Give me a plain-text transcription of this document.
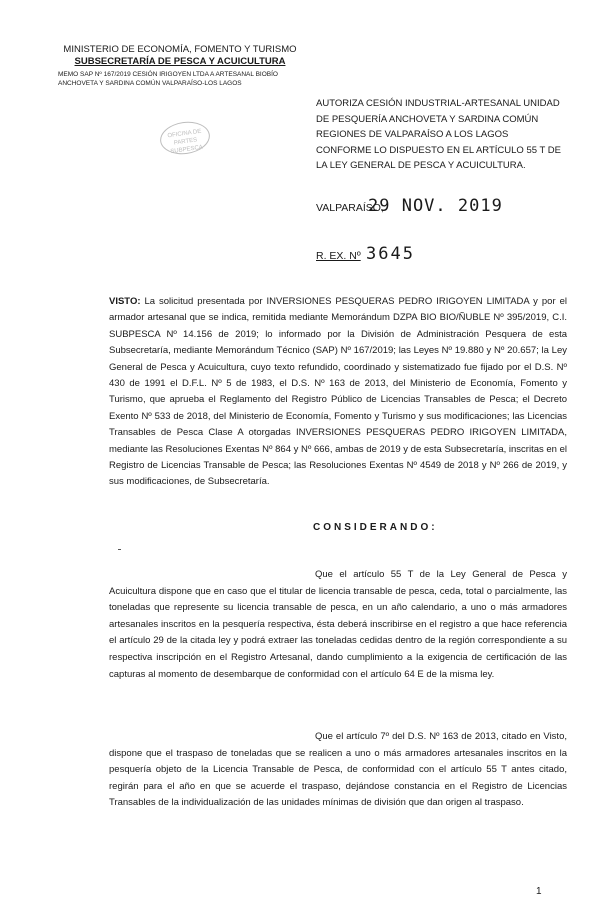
MINISTERIO DE ECONOMÍA, FOMENTO Y TURISMO
SUBSECRETARÍA DE PESCA Y ACUICULTURA
MEMO SAP Nº 167/2019 CESIÓN IRIGOYEN LTDA A ARTESANAL BIOBÍO
ANCHOVETA Y SARDINA COMÚN VALPARAÍSO-LOS LAGOS
OFICINA DE
PARTES
SUBPESCA
AUTORIZA CESIÓN INDUSTRIAL-ARTESANAL UNIDAD DE PESQUERÍA ANCHOVETA Y SARDINA COMÚN REGIONES DE VALPARAÍSO A LOS LAGOS CONFORME LO DISPUESTO EN EL ARTÍCULO 55 T DE LA LEY GENERAL DE PESCA Y ACUICULTURA.
VALPARAÍSO,
29 NOV. 2019
R. EX. Nº 3645
VISTO: La solicitud presentada por INVERSIONES PESQUERAS PEDRO IRIGOYEN LIMITADA y por el armador artesanal que se indica, remitida mediante Memorándum DZPA BIO BIO/ÑUBLE Nº 395/2019, C.I. SUBPESCA Nº 14.156 de 2019; lo informado por la División de Administración Pesquera de esta Subsecretaría, mediante Memorándum Técnico (SAP) Nº 167/2019; las Leyes Nº 19.880 y Nº 20.657; la Ley General de Pesca y Acuicultura, cuyo texto refundido, coordinado y sistematizado fue fijado por el D.S. Nº 430 de 1991 el D.F.L. Nº 5 de 1983, el D.S. Nº 163 de 2013, del Ministerio de Economía, Fomento y Turismo, que aprueba el Reglamento del Registro Público de Licencias Transables de Pesca; el Decreto Exento Nº 533 de 2018, del Ministerio de Economía, Fomento y Turismo y sus modificaciones; las Licencias Transables de Pesca Clase A otorgadas INVERSIONES PESQUERAS PEDRO IRIGOYEN LIMITADA, mediante las Resoluciones Exentas Nº 864 y Nº 666, ambas de 2019 y de esta Subsecretaría, inscritas en el Registro de Licencias Transable de Pesca; las Resoluciones Exentas Nº 4549 de 2018 y Nº 266 de 2019, y sus modificaciones, de Subsecretaría.
CONSIDERANDO:
Que el artículo 55 T de la Ley General de Pesca y Acuicultura dispone que en caso que el titular de licencia transable de pesca, ceda, total o parcialmente, las toneladas que represente su licencia transable de pesca, en un año calendario, a uno o más armadores artesanales inscritos en la pesquería respectiva, ésta deberá inscribirse en el registro a que hace referencia el artículo 29 de la citada ley y podrá extraer las toneladas cedidas dentro de la región correspondiente a su respectiva inscripción en el Registro Artesanal, dando cumplimiento a la exigencia de certificación de las capturas al momento de desembarque de conformidad con el artículo 64 E de la misma ley.
Que el artículo 7º del D.S. Nº 163 de 2013, citado en Visto, dispone que el traspaso de toneladas que se realicen a uno o más armadores artesanales inscritos en la pesquería objeto de la Licencia Transable de Pesca, de conformidad con el artículo 55 T antes citado, regirán para el año en que se acuerde el traspaso, dejándose constancia en el Registro de Licencias Transables de la individualización de las unidades mínimas de división que dan origen al traspaso.
1
